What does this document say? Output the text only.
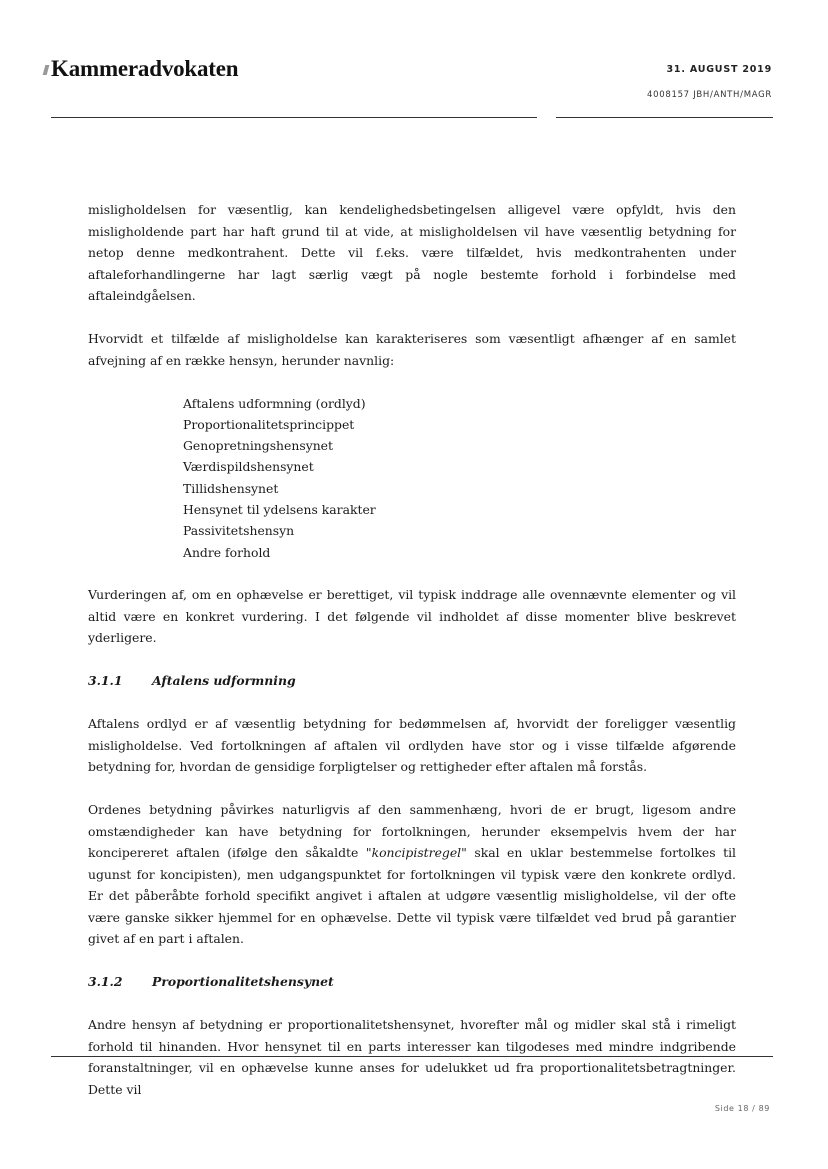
Kammeradvokaten	31. AUGUST 2019
4008157 JBH/ANTH/MAGR

misligholdelsen for væsentlig, kan kendelighedsbetingelsen alligevel være opfyldt, hvis den misligholdende part har haft grund til at vide, at misligholdelsen vil have væsentlig betydning for netop denne medkontrahent. Dette vil f.eks. være tilfældet, hvis medkontrahenten under aftaleforhandlingerne har lagt særlig vægt på nogle bestemte forhold i forbindelse med aftaleindgåelsen.

Hvorvidt et tilfælde af misligholdelse kan karakteriseres som væsentligt afhænger af en samlet afvejning af en række hensyn, herunder navnlig:

Aftalens udformning (ordlyd)
Proportionalitetsprincippet
Genopretningshensynet
Værdispildshensynet
Tillidshensynet
Hensynet til ydelsens karakter
Passivitetshensyn
Andre forhold

Vurderingen af, om en ophævelse er berettiget, vil typisk inddrage alle ovennævnte elementer og vil altid være en konkret vurdering. I det følgende vil indholdet af disse momenter blive beskrevet yderligere.

3.1.1 Aftalens udformning

Aftalens ordlyd er af væsentlig betydning for bedømmelsen af, hvorvidt der foreligger væsentlig misligholdelse. Ved fortolkningen af aftalen vil ordlyden have stor og i visse tilfælde afgørende betydning for, hvordan de gensidige forpligtelser og rettigheder efter aftalen må forstås.

Ordenes betydning påvirkes naturligvis af den sammenhæng, hvori de er brugt, ligesom andre omstændigheder kan have betydning for fortolkningen, herunder eksempelvis hvem der har koncipereret aftalen (ifølge den såkaldte "koncipistregel" skal en uklar bestemmelse fortolkes til ugunst for koncipisten), men udgangspunktet for fortolkningen vil typisk være den konkrete ordlyd. Er det påberåbte forhold specifikt angivet i aftalen at udgøre væsentlig misligholdelse, vil der ofte være ganske sikker hjemmel for en ophævelse. Dette vil typisk være tilfældet ved brud på garantier givet af en part i aftalen.

3.1.2 Proportionalitetshensynet

Andre hensyn af betydning er proportionalitetshensynet, hvorefter mål og midler skal stå i rimeligt forhold til hinanden. Hvor hensynet til en parts interesser kan tilgodeses med mindre indgribende foranstaltninger, vil en ophævelse kunne anses for udelukket ud fra proportionalitetsbetragtninger. Dette vil

Side 18 / 89
